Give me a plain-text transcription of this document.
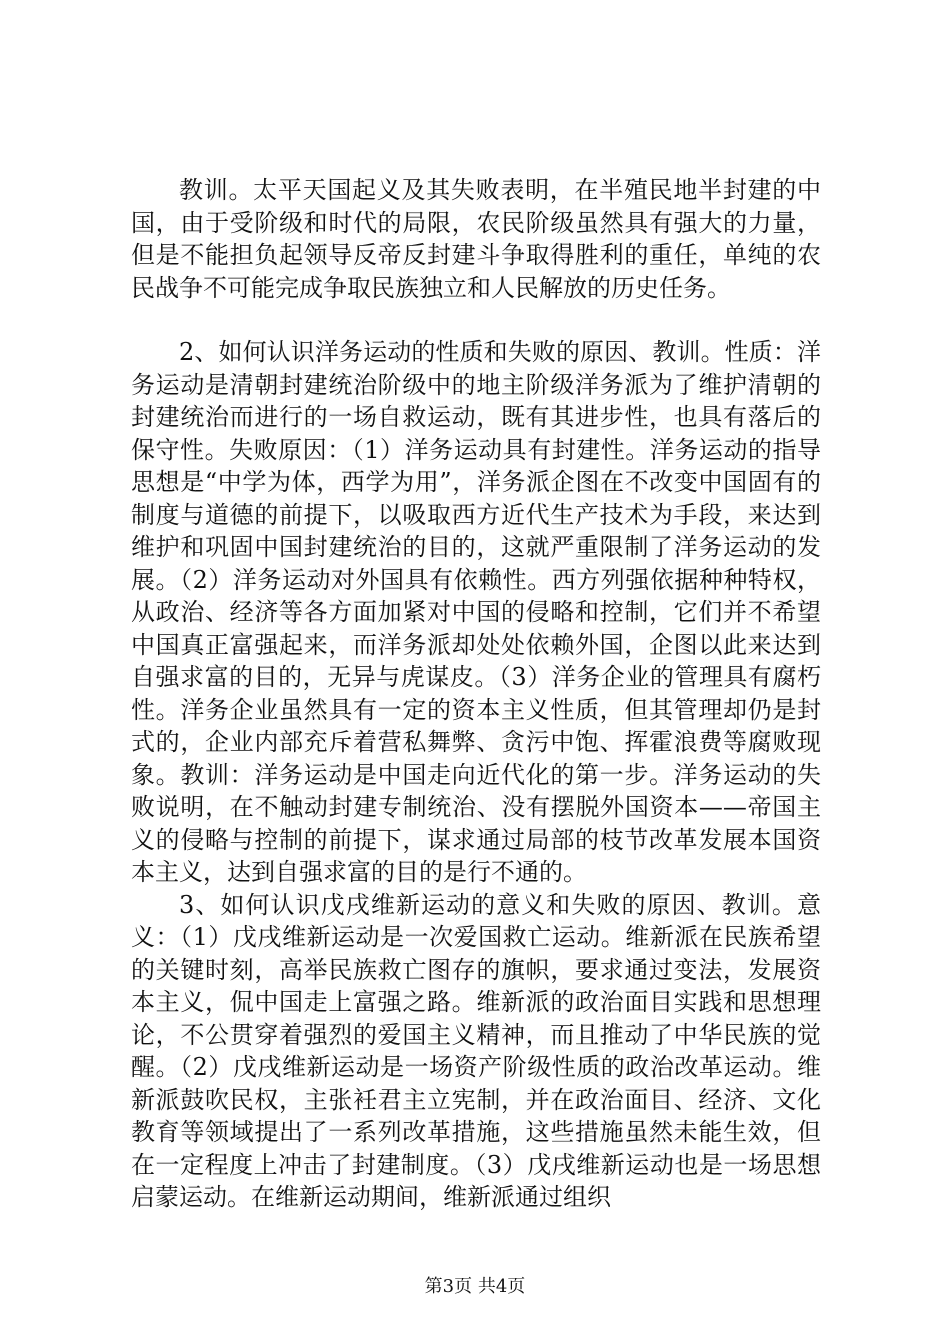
教训。太平天国起义及其失败表明，在半殖民地半封建的中国，由于受阶级和时代的局限，农民阶级虽然具有强大的力量，但是不能担负起领导反帝反封建斗争取得胜利的重任，单纯的农民战争不可能完成争取民族独立和人民解放的历史任务。

2、如何认识洋务运动的性质和失败的原因、教训。性质：洋务运动是清朝封建统治阶级中的地主阶级洋务派为了维护清朝的封建统治而进行的一场自救运动，既有其进步性，也具有落后的保守性。失败原因：（1）洋务运动具有封建性。洋务运动的指导思想是“中学为体，西学为用”，洋务派企图在不改变中国固有的制度与道德的前提下，以吸取西方近代生产技术为手段，来达到维护和巩固中国封建统治的目的，这就严重限制了洋务运动的发展。（2）洋务运动对外国具有依赖性。西方列强依据种种特权，从政治、经济等各方面加紧对中国的侵略和控制，它们并不希望中国真正富强起来，而洋务派却处处依赖外国，企图以此来达到自强求富的目的，无异与虎谋皮。（3）洋务企业的管理具有腐朽性。洋务企业虽然具有一定的资本主义性质，但其管理却仍是封式的，企业内部充斥着营私舞弊、贪污中饱、挥霍浪费等腐败现象。教训：洋务运动是中国走向近代化的第一步。洋务运动的失败说明，在不触动封建专制统治、没有摆脱外国资本——帝国主义的侵略与控制的前提下，谋求通过局部的枝节改革发展本国资本主义，达到自强求富的目的是行不通的。

3、如何认识戊戌维新运动的意义和失败的原因、教训。意义：（1）戊戌维新运动是一次爱国救亡运动。维新派在民族希望的关键时刻，高举民族救亡图存的旗帜，要求通过变法，发展资本主义，侃中国走上富强之路。维新派的政治面目实践和思想理论，不公贯穿着强烈的爱国主义精神，而且推动了中华民族的觉醒。（2）戊戌维新运动是一场资产阶级性质的政治改革运动。维新派鼓吹民权，主张衽君主立宪制，并在政治面目、经济、文化教育等领域提出了一系列改革措施，这些措施虽然未能生效，但在一定程度上冲击了封建制度。（3）戊戌维新运动也是一场思想启蒙运动。在维新运动期间，维新派通过组织

第3页 共4页
